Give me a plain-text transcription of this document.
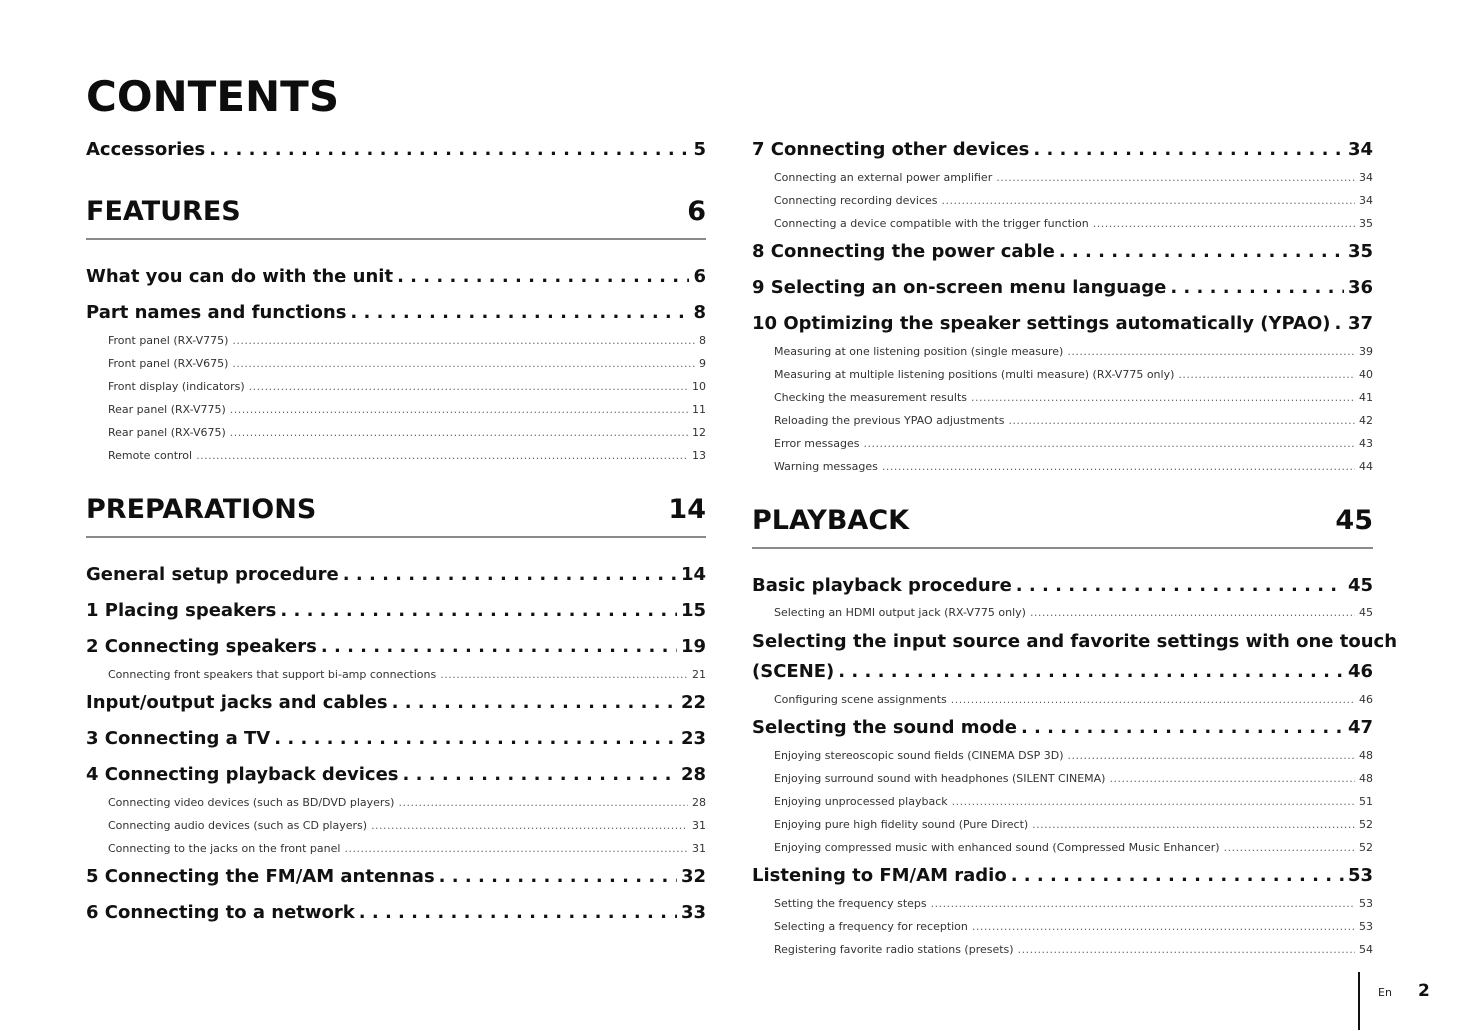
CONTENTS
Accessories . . .	5
FEATURES	6
What you can do with the unit . . .	6
Part names and functions . . .	8
Front panel (RX-V775) .....	8
Front panel (RX-V675) .....	9
Front display (indicators) .....	10
Rear panel (RX-V775) .....	11
Rear panel (RX-V675) .....	12
Remote control .....	13
PREPARATIONS	14
General setup procedure . . .	14
1 Placing speakers . . .	15
2 Connecting speakers . . .	19
Connecting front speakers that support bi-amp connections .....	21
Input/output jacks and cables . . .	22
3 Connecting a TV . . .	23
4 Connecting playback devices . . .	28
Connecting video devices (such as BD/DVD players) .....	28
Connecting audio devices (such as CD players) .....	31
Connecting to the jacks on the front panel .....	31
5 Connecting the FM/AM antennas . . .	32
6 Connecting to a network . . .	33
7 Connecting other devices . . .	34
Connecting an external power amplifier .....	34
Connecting recording devices .....	34
Connecting a device compatible with the trigger function .....	35
8 Connecting the power cable . . .	35
9 Selecting an on-screen menu language . . .	36
10 Optimizing the speaker settings automatically (YPAO) . . . 37
Measuring at one listening position (single measure) .....	39
Measuring at multiple listening positions (multi measure) (RX-V775 only) .....	40
Checking the measurement results .....	41
Reloading the previous YPAO adjustments .....	42
Error messages .....	43
Warning messages .....	44
PLAYBACK	45
Basic playback procedure . . .	45
Selecting an HDMI output jack (RX-V775 only) .....	45
Selecting the input source and favorite settings with one touch
(SCENE) . . .	46
Configuring scene assignments .....	46
Selecting the sound mode . . .	47
Enjoying stereoscopic sound fields (CINEMA DSP 3D) .....	48
Enjoying surround sound with headphones (SILENT CINEMA) .....	48
Enjoying unprocessed playback .....	51
Enjoying pure high fidelity sound (Pure Direct) .....	52
Enjoying compressed music with enhanced sound (Compressed Music Enhancer) .....	52
Listening to FM/AM radio . . .	53
Setting the frequency steps .....	53
Selecting a frequency for reception .....	53
Registering favorite radio stations (presets) .....	54
En 2
